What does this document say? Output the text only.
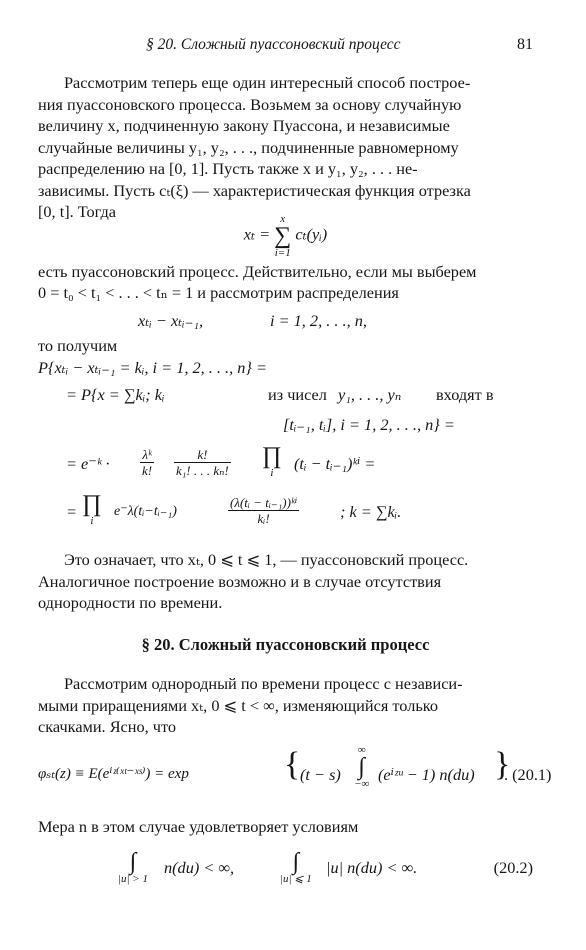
§ 20. Сложный пуассоновский процесс	81
Рассмотрим теперь еще один интересный способ построе-
ния пуассоновского процесса. Возьмем за основу случайную
величину x, подчиненную закону Пуассона, и независимые
случайные величины y₁, y₂, . . ., подчиненные равномерному
распределению на [0, 1]. Пусть также x и y₁, y₂, . . . не-
зависимы. Пусть cₜ(ξ) — характеристическая функция отрезка
[0, t]. Тогда
xₜ = x
∑
i=1 cₜ(yᵢ)
есть пуассоновский процесс. Действительно, если мы выберем
0 = t₀ < t₁ < . . . < tₙ = 1 и рассмотрим распределения
xₜᵢ − xₜᵢ₋₁,	i = 1, 2, . . ., n,
то получим
P{xₜᵢ − xₜᵢ₋₁ = kᵢ, i = 1, 2, . . ., n} =
= P{x = ∑kᵢ; kᵢ	из чисел y₁, . . ., yₙ входят в
[tᵢ₋₁, tᵢ], i = 1, 2, . . ., n} =
= e⁻ᵏ · $\frac{\text{λᵏ}}{k!} \frac{k!}{\text{k₁! . . . kₙ!}}$ ∏
i	(tᵢ − tᵢ₋₁)ᵏⁱ =
= ∏
i
e⁻λ(tᵢ−tᵢ₋₁)	$\frac{\text{(λ(tᵢ − tᵢ₋₁))ᵏⁱ}}{\text{kᵢ!}}$	; k = ∑kᵢ.
Это означает, что xₜ, 0 ⩽ t ⩽ 1, — пуассоновский процесс.
Аналогичное построение возможно и в случае отсутствия
однородности по времени.
§ 20. Сложный пуассоновский процесс
Рассмотрим однородный по времени процесс с независи-
мыми приращениями xₜ, 0 ⩽ t < ∞, изменяющийся только
скачками. Ясно, что
φₛₜ(z) ≡ E(eⁱᶻ⁽ˣᵗ⁻ˣˢ⁾) = exp	{ (t − s)
∞
∫
−∞ (eⁱᶻᵘ − 1) n(du) }
. (20.1)
Мера n в этом случае удовлетворяет условиям
∫
|u| > 1
n(du) < ∞,	∫
|u| ⩽ 1
|u| n(du) < ∞.	(20.2)
